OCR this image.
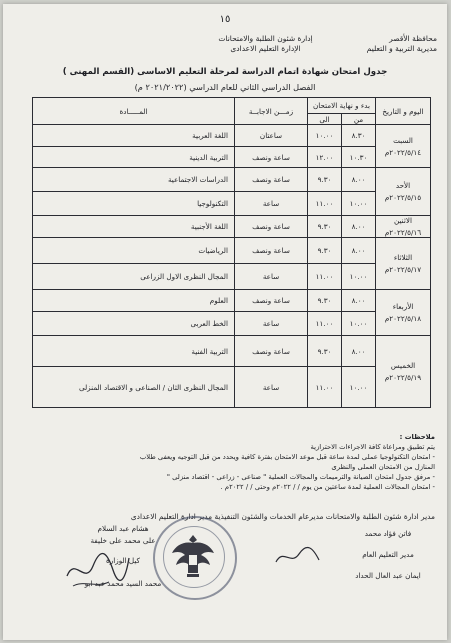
١٥
محافظة الأقصر
مديرية التربية و التعليم
إدارة شئون الطلبة والامتحانات
الإدارة التعليم الاعدادى
جدول امتحان شهادة اتمام الدراسة لمرحلة التعليم الاساسى (القسم المهنى )
الفصل الدراسي الثاني للعام الدراسي (٢٠٢١/٢٠٢٢ م)
اليوم و التاريخ	بدء و نهاية الامتحان		زمـــن الاجابــة	المـــــادة
	من	الى		

السبت
٢٠٢٢/٥/١٤م	٨.٣٠	١٠.٠٠	ساعتان	اللغة العربية
	١٠.٣٠	١٢.٠٠	ساعة ونصف	التربية الدينية

الأحد
٢٠٢٢/٥/١٥م	٨.٠٠	٩.٣٠	ساعة ونصف	الدراسات الاجتماعية
	١٠.٠٠	١١.٠٠	ساعة	التكنولوجيا

الاثنين
٢٠٢٢/٥/١٦م	٨.٠٠	٩.٣٠	ساعة ونصف	اللغة الأجنبية

الثلاثاء
٢٠٢٢/٥/١٧م	٨.٠٠	٩.٣٠	ساعة ونصف	الرياضيات
	١٠.٠٠	١١.٠٠	ساعة	المجال النظرى الاول الزراعى

الأربعاء
٢٠٢٢/٥/١٨م	٨.٠٠	٩.٣٠	ساعة ونصف	العلوم
	١٠.٠٠	١١.٠٠	ساعة	الخط العربى

الخميس
٢٠٢٢/٥/١٩م	٨.٠٠	٩.٣٠	ساعة ونصف	التربية الفنية
	١٠.٠٠	١١.٠٠	ساعة	المجال النظرى الثان / الصناعى و الاقتصاد المنزلى
ملاحظات :
يتم تطبيق ومراعاة كافة الاجراءات الاحترازية
- امتحان التكنولوجيا عملى لمدة ساعة قبل موعد الامتحان بفترة كافية ويحدد من قبل التوجيه ويعفى طلاب
المنازل من الامتحان العملى والنظرى
- مرفق جدول امتحان الصيانة والترميمات والمجالات العملية " صناعى - زراعى - اقتصاد منزلى "
- امتحان المجالات العملية لمدة ساعتين من يوم / / ٢٠٢٢م وحتى / / ٢٠٢٢م .
مدير ادارة شئون الطلبة والامتحانات مديرعام الخدمات والشئون التنفيذية مدير ادارة التعليم الاعدادى
فاتن فؤاد محمد
مدير التعليم العام
ايمان عبد العال الحداد
هشام عبد السلام
على محمد على خليفة
كيل الوزارة
محمد السيد محمد عبد ابو
